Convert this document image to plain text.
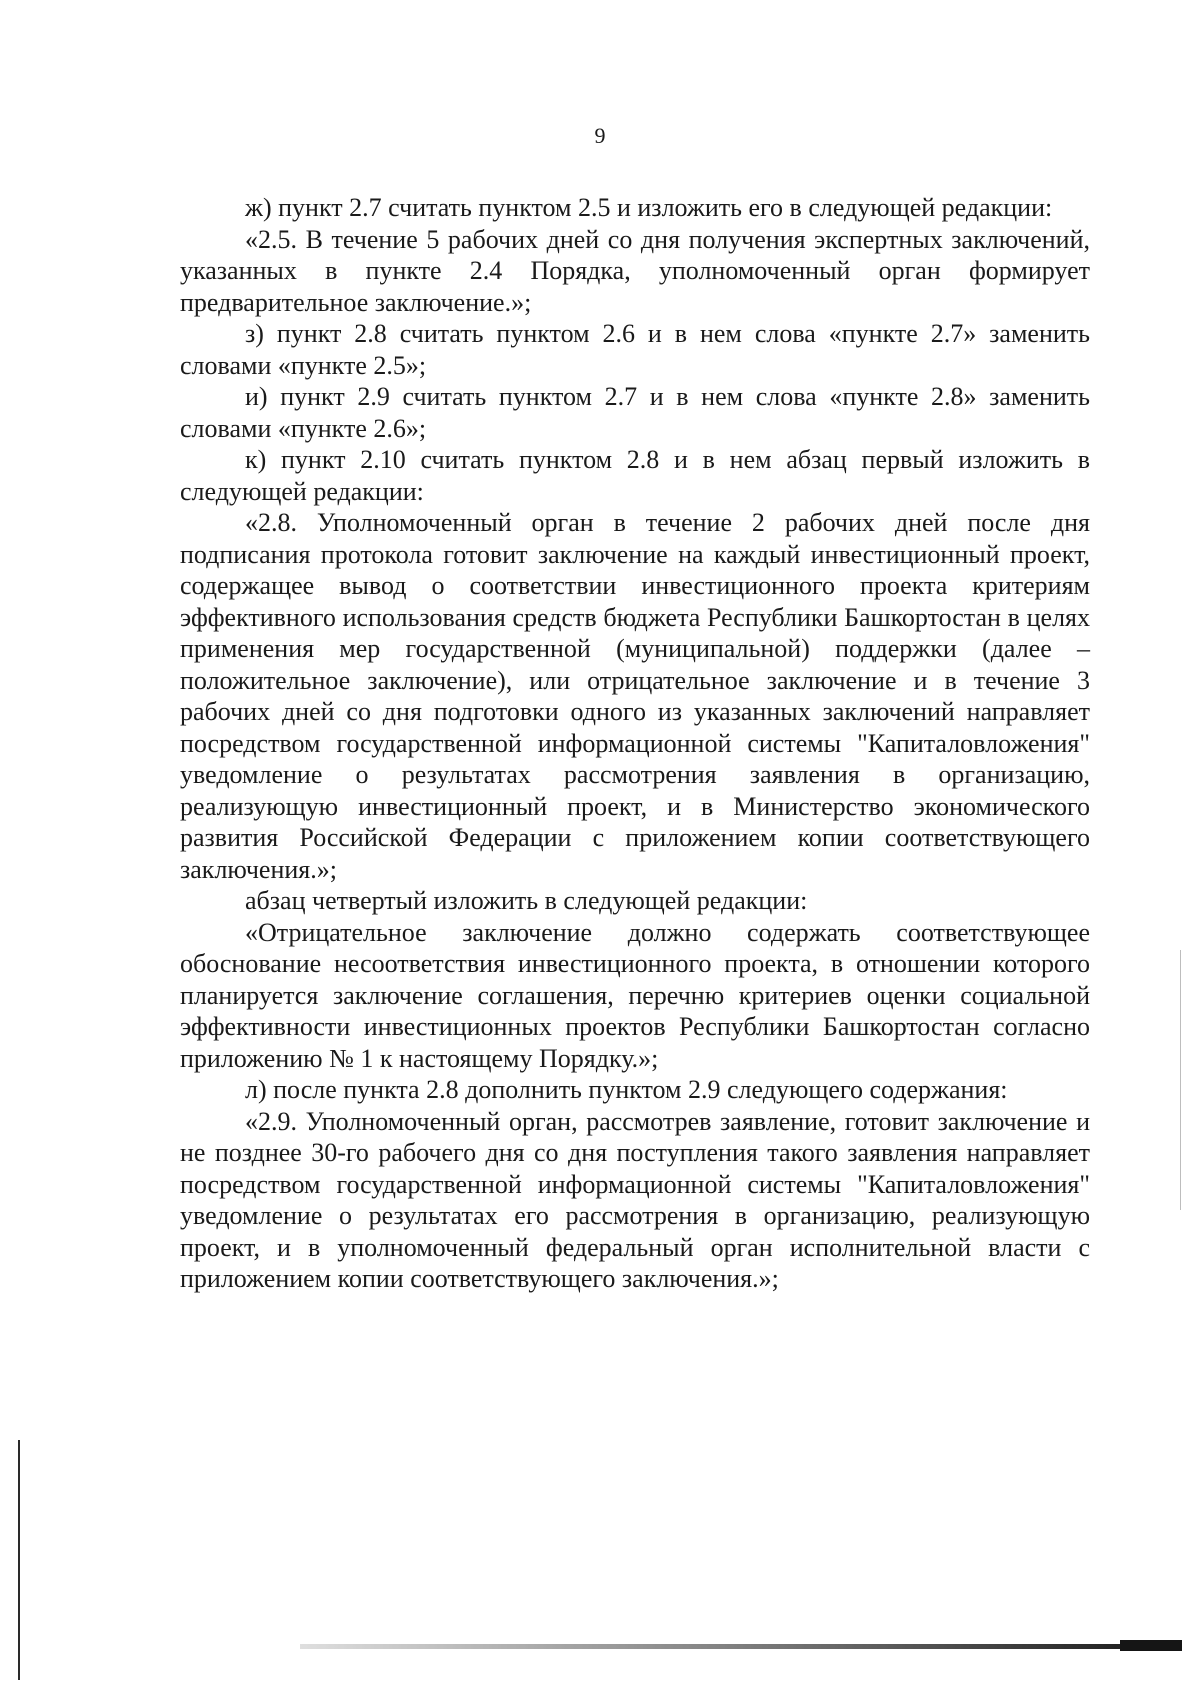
9

ж) пункт 2.7 считать пунктом 2.5 и изложить его в следующей редакции:

«2.5. В течение 5 рабочих дней со дня получения экспертных заключений, указанных в пункте 2.4 Порядка, уполномоченный орган формирует предварительное заключение.»;

з) пункт 2.8 считать пунктом 2.6 и в нем слова «пункте 2.7» заменить словами «пункте 2.5»;

и) пункт 2.9 считать пунктом 2.7 и в нем слова «пункте 2.8» заменить словами «пункте 2.6»;

к) пункт 2.10 считать пунктом 2.8 и в нем абзац первый изложить в следующей редакции:

«2.8. Уполномоченный орган в течение 2 рабочих дней после дня подписания протокола готовит заключение на каждый инвестиционный проект, содержащее вывод о соответствии инвестиционного проекта критериям эффективного использования средств бюджета Республики Башкортостан в целях применения мер государственной (муниципальной) поддержки (далее – положительное заключение), или отрицательное заключение и в течение 3 рабочих дней со дня подготовки одного из указанных заключений направляет посредством государственной информационной системы "Капиталовложения" уведомление о результатах рассмотрения заявления в организацию, реализующую инвестиционный проект, и в Министерство экономического развития Российской Федерации с приложением копии соответствующего заключения.»;

абзац четвертый изложить в следующей редакции:

«Отрицательное заключение должно содержать соответствующее обоснование несоответствия инвестиционного проекта, в отношении которого планируется заключение соглашения, перечню критериев оценки социальной эффективности инвестиционных проектов Республики Башкортостан согласно приложению № 1 к настоящему Порядку.»;

л) после пункта 2.8 дополнить пунктом 2.9 следующего содержания:

«2.9. Уполномоченный орган, рассмотрев заявление, готовит заключение и не позднее 30-го рабочего дня со дня поступления такого заявления направляет посредством государственной информационной системы "Капиталовложения" уведомление о результатах его рассмотрения в организацию, реализующую проект, и в уполномоченный федеральный орган исполнительной власти с приложением копии соответствующего заключения.»;
